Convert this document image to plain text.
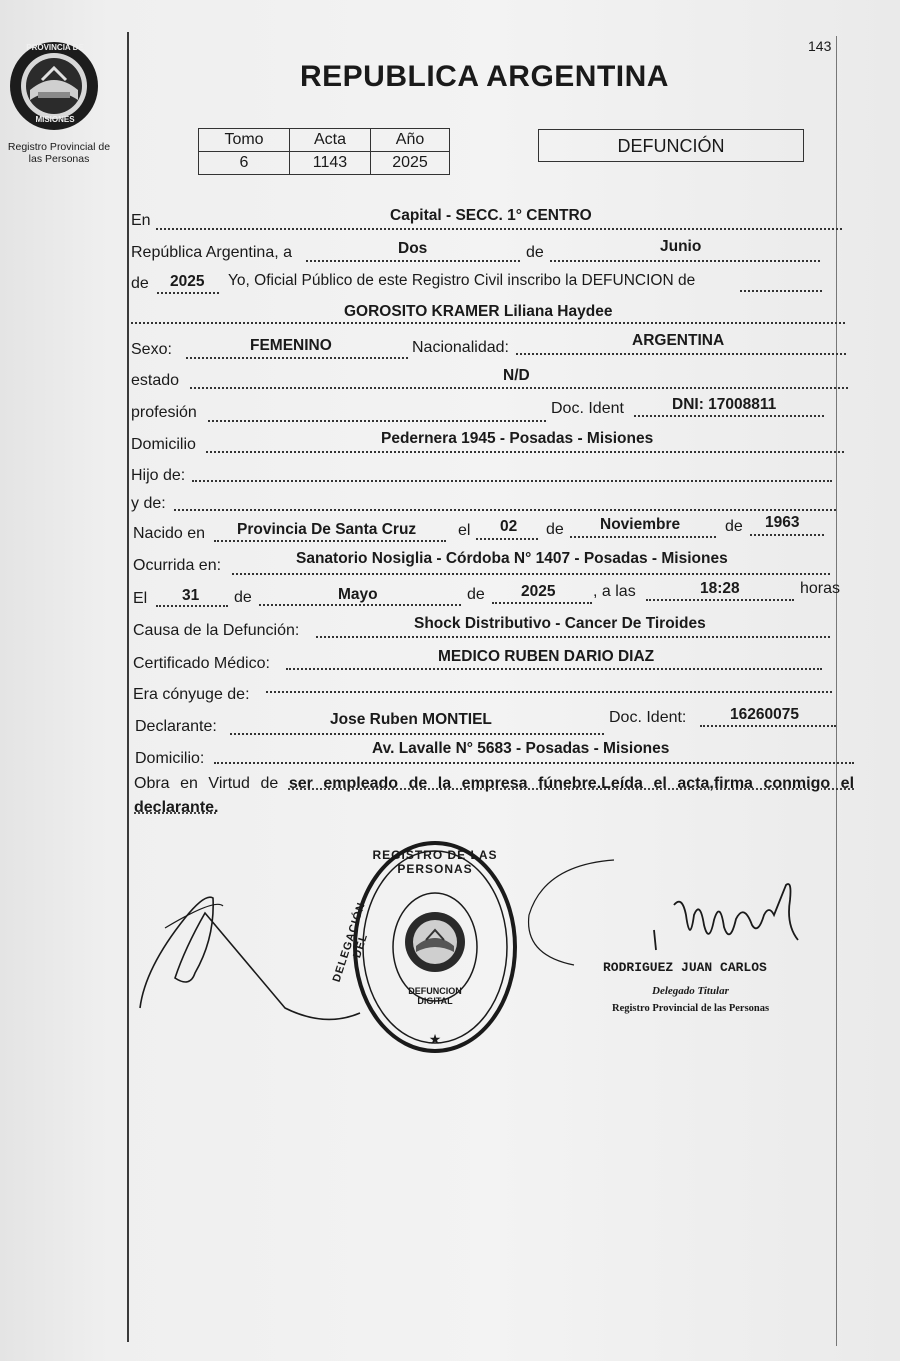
PROVINCIA DE
MISIONES
Registro Provincial de
las Personas
143
REPUBLICA ARGENTINA
Tomo	Acta	Año
6	1143	2025
DEFUNCIÓN
En	Capital - SECC. 1° CENTRO
República Argentina, a	Dos	de	Junio
de 2025 Yo, Oficial Público de este Registro Civil inscribo la DEFUNCION de
GOROSITO KRAMER Liliana Haydee
Sexo:	FEMENINO	Nacionalidad:	ARGENTINA
estado	N/D
profesión	Doc. Ident	DNI: 17008811
Domicilio	Pedernera 1945 - Posadas - Misiones
Hijo de:
y de:
Nacido en Provincia De Santa Cruz	el 02 de Noviembre	de 1963
Ocurrida en:	Sanatorio Nosiglia - Córdoba N° 1407 - Posadas - Misiones
El 31 de	Mayo	de 2025 , a las	18:28	horas
Causa de la Defunción:	Shock Distributivo - Cancer De Tiroides
Certificado Médico:	MEDICO RUBEN DARIO DIAZ
Era cónyuge de:
Declarante:	Jose Ruben MONTIEL	Doc. Ident:	16260075
Domicilio:
Av. Lavalle N° 5683 - Posadas - Misiones
Obra en Virtud de ser empleado de la empresa fúnebre.Leída el acta,firma conmigo el declarante.
★
REGISTRO DE LAS PERSONAS
DELEGACIÓN DEL
DEFUNCION DIGITAL
RODRIGUEZ JUAN CARLOS
Delegado Titular
Registro Provincial de las Personas
